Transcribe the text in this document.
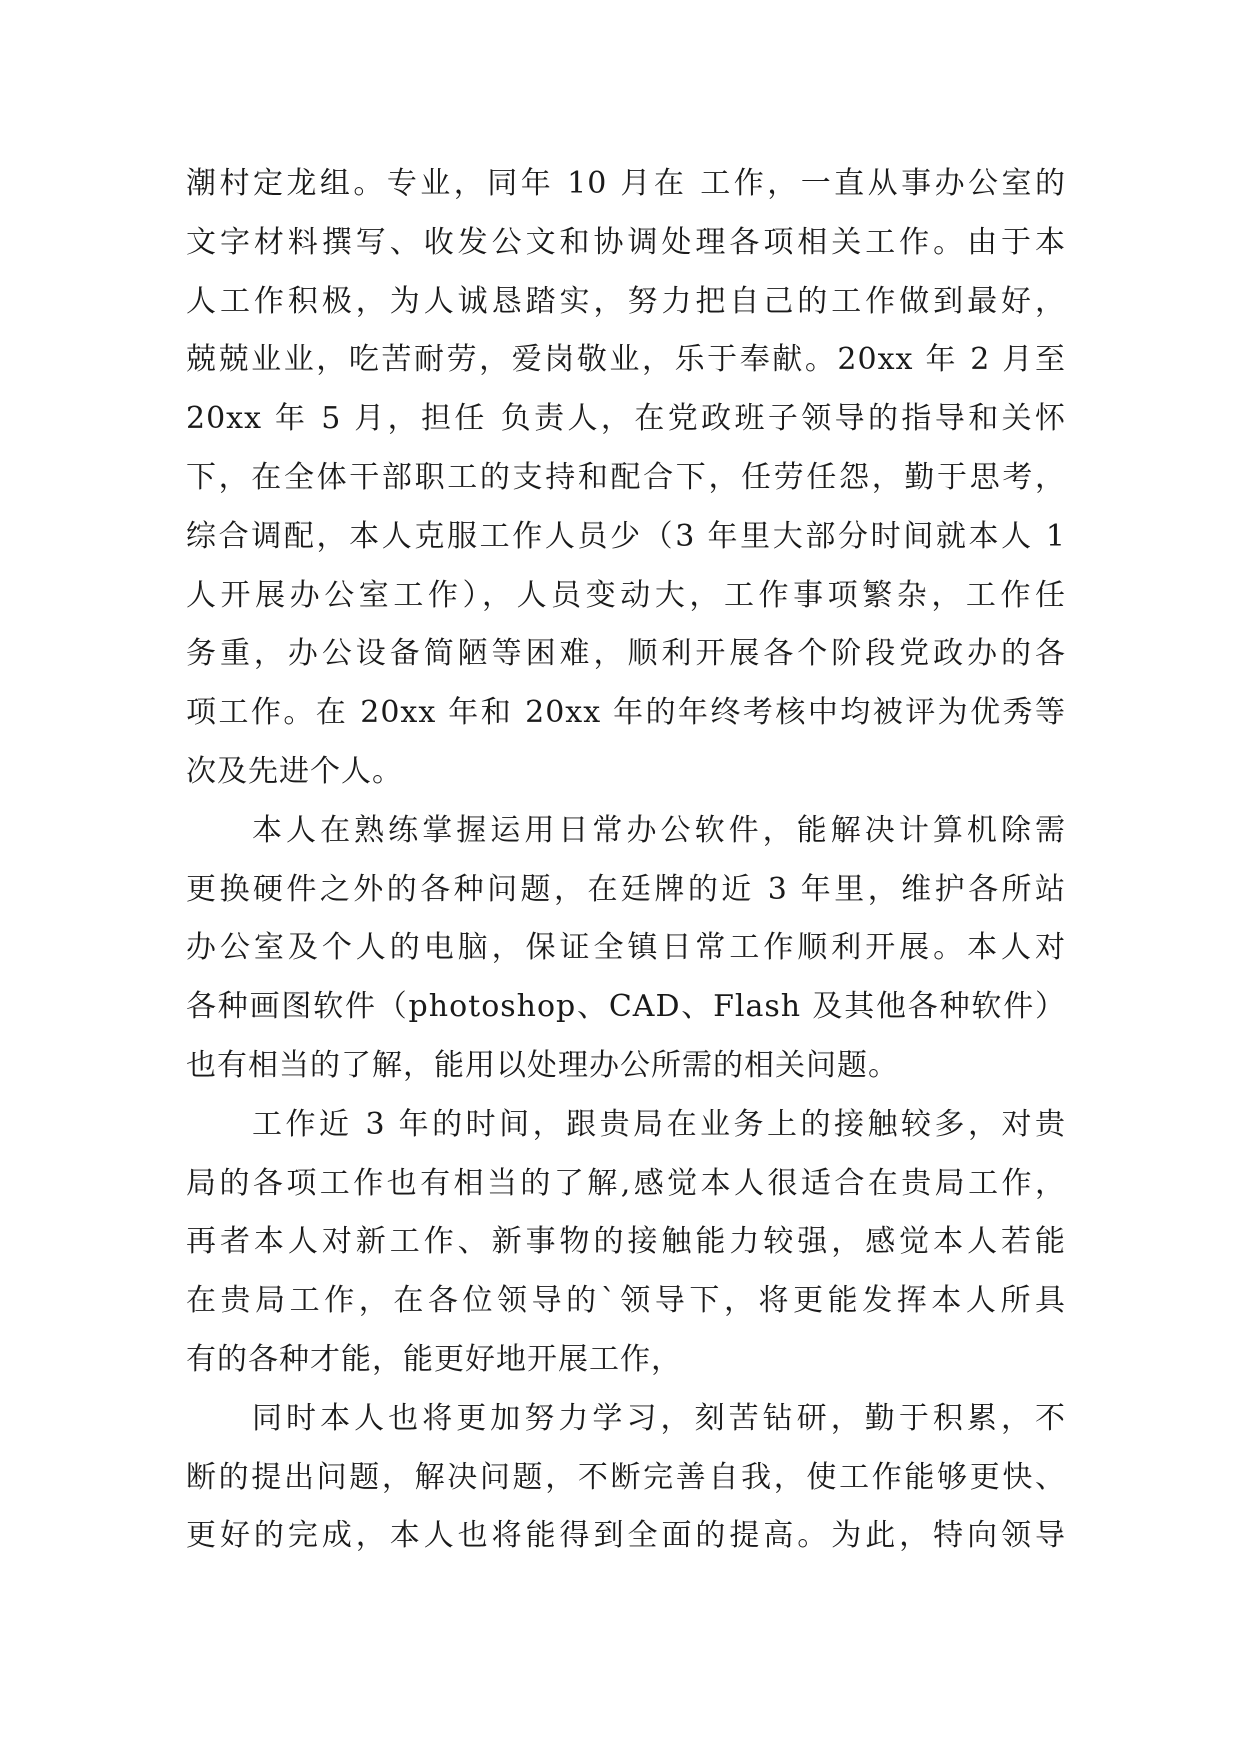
潮村定龙组。专业，同年 10 月在 工作，一直从事办公室的
文字材料撰写、收发公文和协调处理各项相关工作。由于本
人工作积极，为人诚恳踏实，努力把自己的工作做到最好，
兢兢业业，吃苦耐劳，爱岗敬业，乐于奉献。20xx 年 2 月至
20xx 年 5 月，担任 负责人，在党政班子领导的指导和关怀
下，在全体干部职工的支持和配合下，任劳任怨，勤于思考，
综合调配，本人克服工作人员少（3 年里大部分时间就本人 1
人开展办公室工作），人员变动大，工作事项繁杂，工作任
务重，办公设备简陋等困难，顺利开展各个阶段党政办的各
项工作。在 20xx 年和 20xx 年的年终考核中均被评为优秀等
次及先进个人。
本人在熟练掌握运用日常办公软件，能解决计算机除需
更换硬件之外的各种问题，在廷牌的近 3 年里，维护各所站
办公室及个人的电脑，保证全镇日常工作顺利开展。本人对
各种画图软件（photoshop、CAD、Flash 及其他各种软件）
也有相当的了解，能用以处理办公所需的相关问题。
工作近 3 年的时间，跟贵局在业务上的接触较多，对贵
局的各项工作也有相当的了解,感觉本人很适合在贵局工作，
再者本人对新工作、新事物的接触能力较强，感觉本人若能
在贵局工作，在各位领导的`领导下，将更能发挥本人所具
有的各种才能，能更好地开展工作，
同时本人也将更加努力学习，刻苦钻研，勤于积累，不
断的提出问题，解决问题，不断完善自我，使工作能够更快、
更好的完成，本人也将能得到全面的提高。为此，特向领导
